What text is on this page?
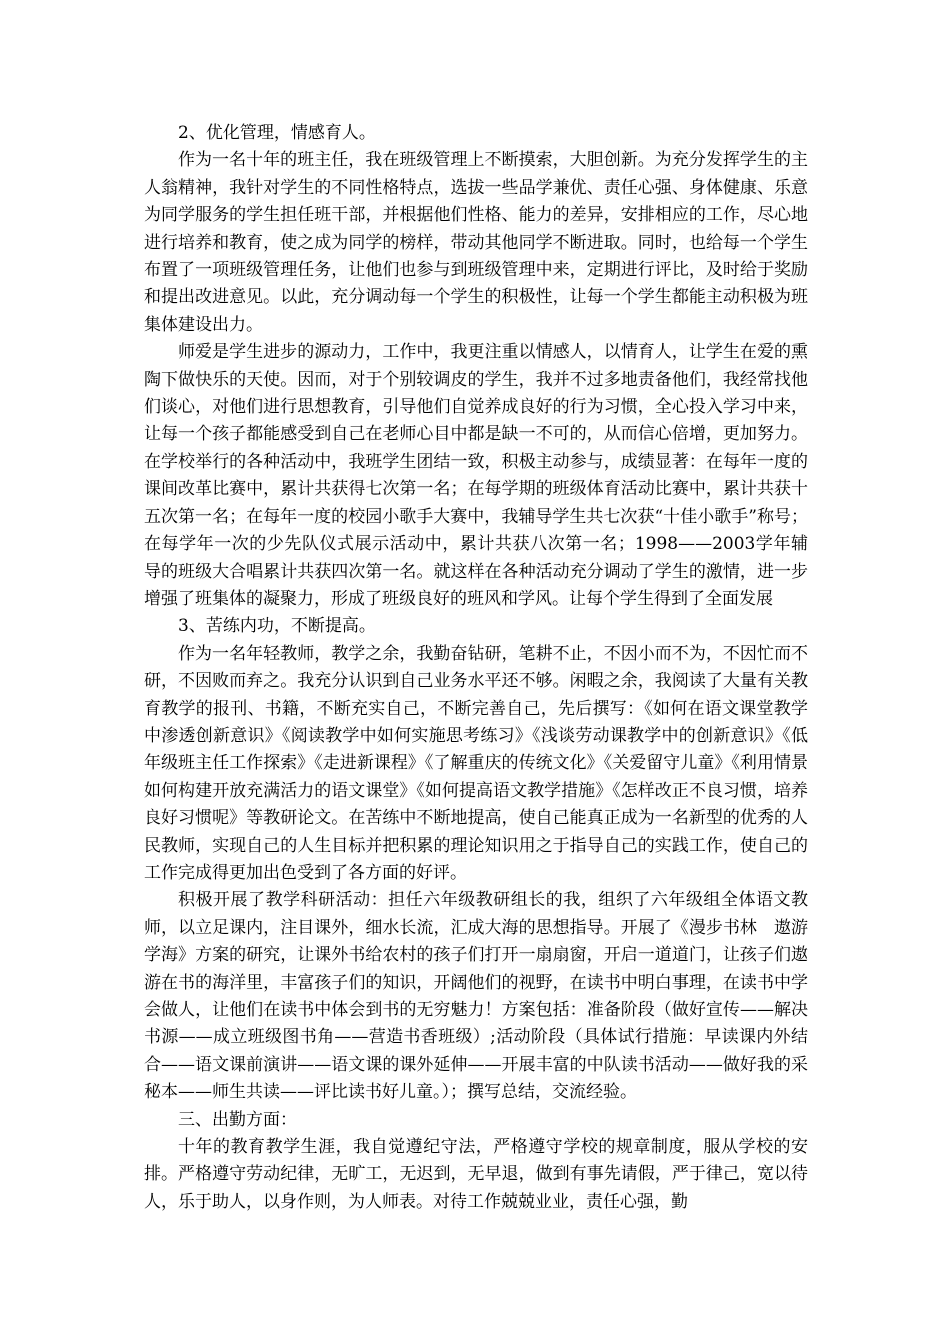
2、优化管理，情感育人。

作为一名十年的班主任，我在班级管理上不断摸索，大胆创新。为充分发挥学生的主人翁精神，我针对学生的不同性格特点，选拔一些品学兼优、责任心强、身体健康、乐意为同学服务的学生担任班干部，并根据他们性格、能力的差异，安排相应的工作，尽心地进行培养和教育，使之成为同学的榜样，带动其他同学不断进取。同时，也给每一个学生布置了一项班级管理任务，让他们也参与到班级管理中来，定期进行评比，及时给于奖励和提出改进意见。以此，充分调动每一个学生的积极性，让每一个学生都能主动积极为班集体建设出力。

师爱是学生进步的源动力，工作中，我更注重以情感人，以情育人，让学生在爱的熏陶下做快乐的天使。因而，对于个别较调皮的学生，我并不过多地责备他们，我经常找他们谈心，对他们进行思想教育，引导他们自觉养成良好的行为习惯，全心投入学习中来，让每一个孩子都能感受到自己在老师心目中都是缺一不可的，从而信心倍增，更加努力。在学校举行的各种活动中，我班学生团结一致，积极主动参与，成绩显著：在每年一度的课间改革比赛中，累计共获得七次第一名；在每学期的班级体育活动比赛中，累计共获十五次第一名；在每年一度的校园小歌手大赛中，我辅导学生共七次获“十佳小歌手”称号；在每学年一次的少先队仪式展示活动中，累计共获八次第一名；1998——2003学年辅导的班级大合唱累计共获四次第一名。就这样在各种活动充分调动了学生的激情，进一步增强了班集体的凝聚力，形成了班级良好的班风和学风。让每个学生得到了全面发展

3、苦练内功，不断提高。

作为一名年轻教师，教学之余，我勤奋钻研，笔耕不止，不因小而不为，不因忙而不研，不因败而弃之。我充分认识到自己业务水平还不够。闲暇之余，我阅读了大量有关教育教学的报刊、书籍，不断充实自己，不断完善自己，先后撰写：《如何在语文课堂教学中渗透创新意识》《阅读教学中如何实施思考练习》《浅谈劳动课教学中的创新意识》《低年级班主任工作探索》《走进新课程》《了解重庆的传统文化》《关爱留守儿童》《利用情景如何构建开放充满活力的语文课堂》《如何提高语文教学措施》《怎样改正不良习惯，培养良好习惯呢》等教研论文。在苦练中不断地提高，使自己能真正成为一名新型的优秀的人民教师，实现自己的人生目标并把积累的理论知识用之于指导自己的实践工作，使自己的工作完成得更加出色受到了各方面的好评。

积极开展了教学科研活动：担任六年级教研组长的我，组织了六年级组全体语文教师，以立足课内，注目课外，细水长流，汇成大海的思想指导。开展了《漫步书林　遨游学海》方案的研究，让课外书给农村的孩子们打开一扇扇窗，开启一道道门，让孩子们遨游在书的海洋里，丰富孩子们的知识，开阔他们的视野，在读书中明白事理，在读书中学会做人，让他们在读书中体会到书的无穷魅力！方案包括：准备阶段（做好宣传——解决书源——成立班级图书角——营造书香班级）;活动阶段（具体试行措施：早读课内外结合——语文课前演讲——语文课的课外延伸——开展丰富的中队读书活动——做好我的采秘本——师生共读——评比读书好儿童。）；撰写总结，交流经验。

三、出勤方面：

十年的教育教学生涯，我自觉遵纪守法，严格遵守学校的规章制度，服从学校的安排。严格遵守劳动纪律，无旷工，无迟到，无早退，做到有事先请假，严于律己，宽以待人，乐于助人，以身作则，为人师表。对待工作兢兢业业，责任心强，勤
